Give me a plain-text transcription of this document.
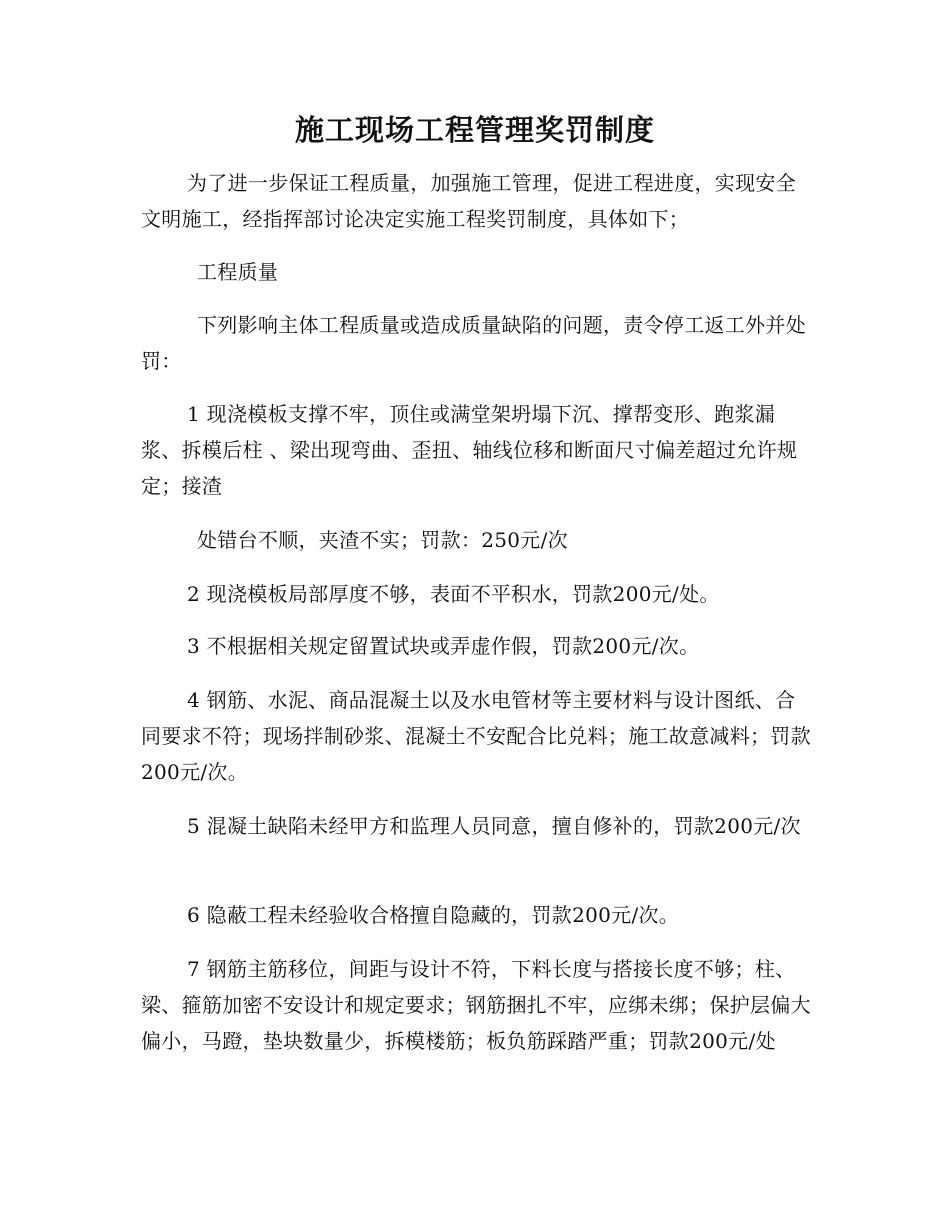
施工现场工程管理奖罚制度

为了进一步保证工程质量，加强施工管理，促进工程进度，实现安全文明施工，经指挥部讨论决定实施工程奖罚制度，具体如下；

工程质量

下列影响主体工程质量或造成质量缺陷的问题，责令停工返工外并处罚：

1 现浇模板支撑不牢，顶住或满堂架坍塌下沉、撑帮变形、跑浆漏浆、拆模后柱 、梁出现弯曲、歪扭、轴线位移和断面尺寸偏差超过允许规定；接渣

处错台不顺，夹渣不实；罚款：250元/次

2 现浇模板局部厚度不够，表面不平积水，罚款200元/处。

3 不根据相关规定留置试块或弄虚作假，罚款200元/次。

4 钢筋、水泥、商品混凝土以及水电管材等主要材料与设计图纸、合同要求不符；现场拌制砂浆、混凝土不安配合比兑料；施工故意减料；罚款200元/次。

5 混凝土缺陷未经甲方和监理人员同意，擅自修补的，罚款200元/次

6 隐蔽工程未经验收合格擅自隐藏的，罚款200元/次。

7 钢筋主筋移位，间距与设计不符，下料长度与搭接长度不够；柱、梁、箍筋加密不安设计和规定要求；钢筋捆扎不牢，应绑未绑；保护层偏大偏小，马蹬，垫块数量少，拆模楼筋；板负筋踩踏严重；罚款200元/处
